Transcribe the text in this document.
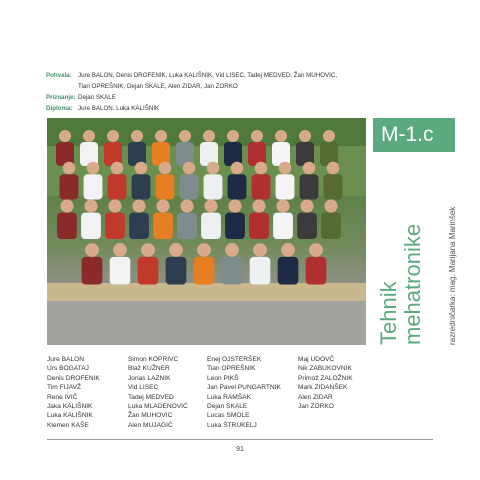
Pohvala:	Jure BALON, Denis DROFENIK, Luka KALIŠNIK, Vid LISEC, Tadej MEDVED, Žan MUHOVIC,
Tian OPREŠNIK, Dejan SKALE, Alen ZIDAR, Jan ZORKO
Priznanje: Dejan SKALE
Diploma: Jure BALON, Luka KALIŠNIK
M-1.c
Tehnik mehatronike	razredničarka: mag. Marijana Marinšek
Jure BALON
Urs BOGATAJ
Denis DROFENIK
Tim FIJAVŽ
Rene IVIČ
Jaka KALIŠNIK
Luka KALIŠNIK
Klemen KAŠE
Simon KOPRIVC
Blaž KUŽNER
Jonas LAZNIK
Vid LISEC
Tadej MEDVED
Luka MLADENOVIĆ
Žan MUHOVIC
Alen MUJAGIĆ
Enej OJSTERŠEK
Tian OPREŠNIK
Leon PIKŠ
Jan Pavel PUNGARTNIK
Luka RAMŠAK
Dejan SKALE
Lucas SMOLE
Luka ŠTRUKELJ
Maj UDOVČ
Nik ZABUKOVNIK
Primož ZALOŽNIK
Mark ZIDANŠEK
Alen ZIDAR
Jan ZORKO
91
